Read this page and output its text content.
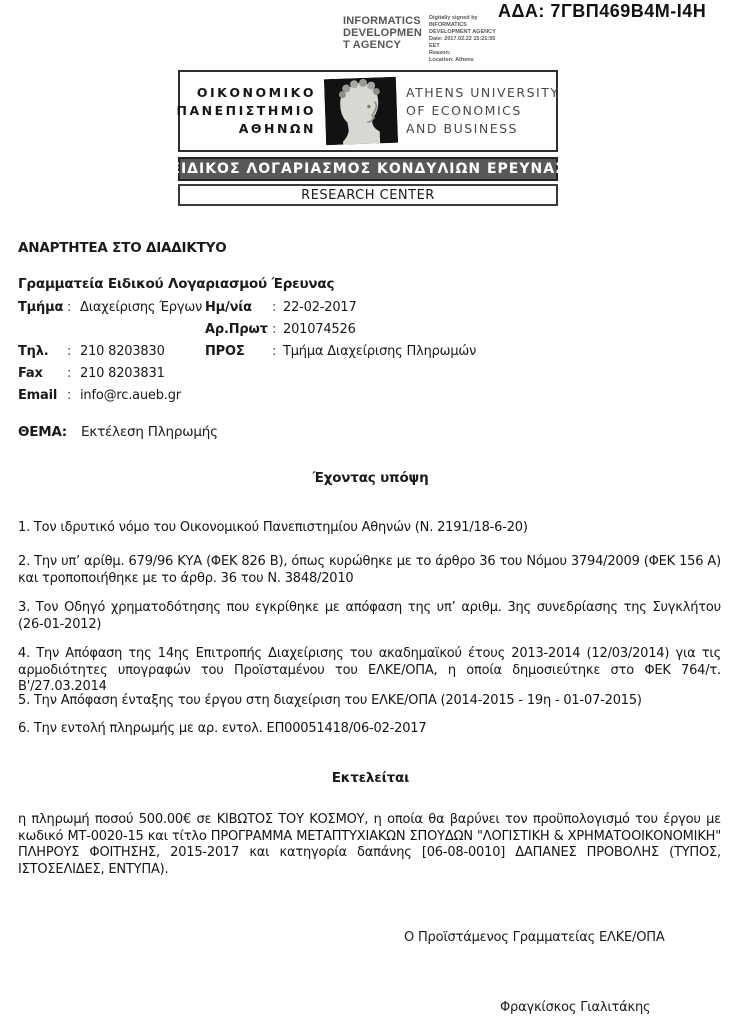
ΑΔΑ: 7ΓΒΠ469Β4Μ-Ι4Η
INFORMATICS
DEVELOPMEN
T AGENCY
Digitally signed by
INFORMATICS
DEVELOPMENT AGENCY
Date: 2017.02.22 15:21:55
EET
Reason:
Location: Athens
ΟΙΚΟΝΟΜΙΚΟ
ΠΑΝΕΠΙΣΤΗΜΙΟ
ΑΘΗΝΩΝ
ATHENS UNIVERSITY
OF ECONOMICS
AND BUSINESS
ΕΙΔΙΚΟΣ ΛΟΓΑΡΙΑΣΜΟΣ ΚΟΝΔΥΛΙΩΝ ΕΡΕΥΝΑΣ
RESEARCH CENTER
ΑΝΑΡΤΗΤΕΑ ΣΤΟ ΔΙΑΔΙΚΤΥΟ
Γραμματεία Ειδικού Λογαριασμού Έρευνας
Τμήμα : Διαχείρισης Έργων Ημ/νία	: 22-02-2017
Αρ.Πρωτ : 201074526
Τηλ.	: 210 8203830	ΠΡΟΣ	: Τμήμα Διαχείρισης Πληρωμών
Fax	: 210 8203831
Email : info@rc.aueb.gr
ΘΕΜΑ: Εκτέλεση Πληρωμής
Έχοντας υπόψη
1. Τον ιδρυτικό νόμο του Οικονομικού Πανεπιστημίου Αθηνών (Ν. 2191/18-6-20)
2. Την υπ’ αρίθμ. 679/96 ΚΥΑ (ΦΕΚ 826 Β), όπως κυρώθηκε με το άρθρο 36 του Νόμου 3794/2009 (ΦΕΚ 156 Α) και τροποποιήθηκε με το άρθρ. 36 του Ν. 3848/2010
3. Τον Οδηγό χρηματοδότησης που εγκρίθηκε με απόφαση της υπ’ αριθμ. 3ης συνεδρίασης της Συγκλήτου (26-01-2012)
4. Την Απόφαση της 14ης Επιτροπής Διαχείρισης του ακαδημαϊκού έτους 2013-2014 (12/03/2014) για τις αρμοδιότητες υπογραφών του Προϊσταμένου του ΕΛΚΕ/ΟΠΑ, η οποία δημοσιεύτηκε στο ΦΕΚ 764/τ. Β'/27.03.2014
5. Την Απόφαση ένταξης του έργου στη διαχείριση του ΕΛΚΕ/ΟΠΑ (2014-2015 - 19η - 01-07-2015)
6. Την εντολή πληρωμής με αρ. εντολ. ΕΠ00051418/06-02-2017
Εκτελείται
η πληρωμή ποσού 500.00€ σε ΚΙΒΩΤΟΣ ΤΟΥ ΚΟΣΜΟΥ, η οποία θα βαρύνει τον προϋπολογισμό του έργου με κωδικό ΜΤ-0020-15 και τίτλο ΠΡΟΓΡΑΜΜΑ ΜΕΤΑΠΤΥΧΙΑΚΩΝ ΣΠΟΥΔΩΝ "ΛΟΓΙΣΤΙΚΗ & ΧΡΗΜΑΤΟΟΙΚΟΝΟΜΙΚΗ" ΠΛΗΡΟΥΣ ΦΟΙΤΗΣΗΣ, 2015-2017 και κατηγορία δαπάνης [06-08-0010] ΔΑΠΑΝΕΣ ΠΡΟΒΟΛΗΣ (ΤΥΠΟΣ, ΙΣΤΟΣΕΛΙΔΕΣ, ΕΝΤΥΠΑ).
Ο Προϊστάμενος Γραμματείας ΕΛΚΕ/ΟΠΑ
Φραγκίσκος Γιαλιτάκης
